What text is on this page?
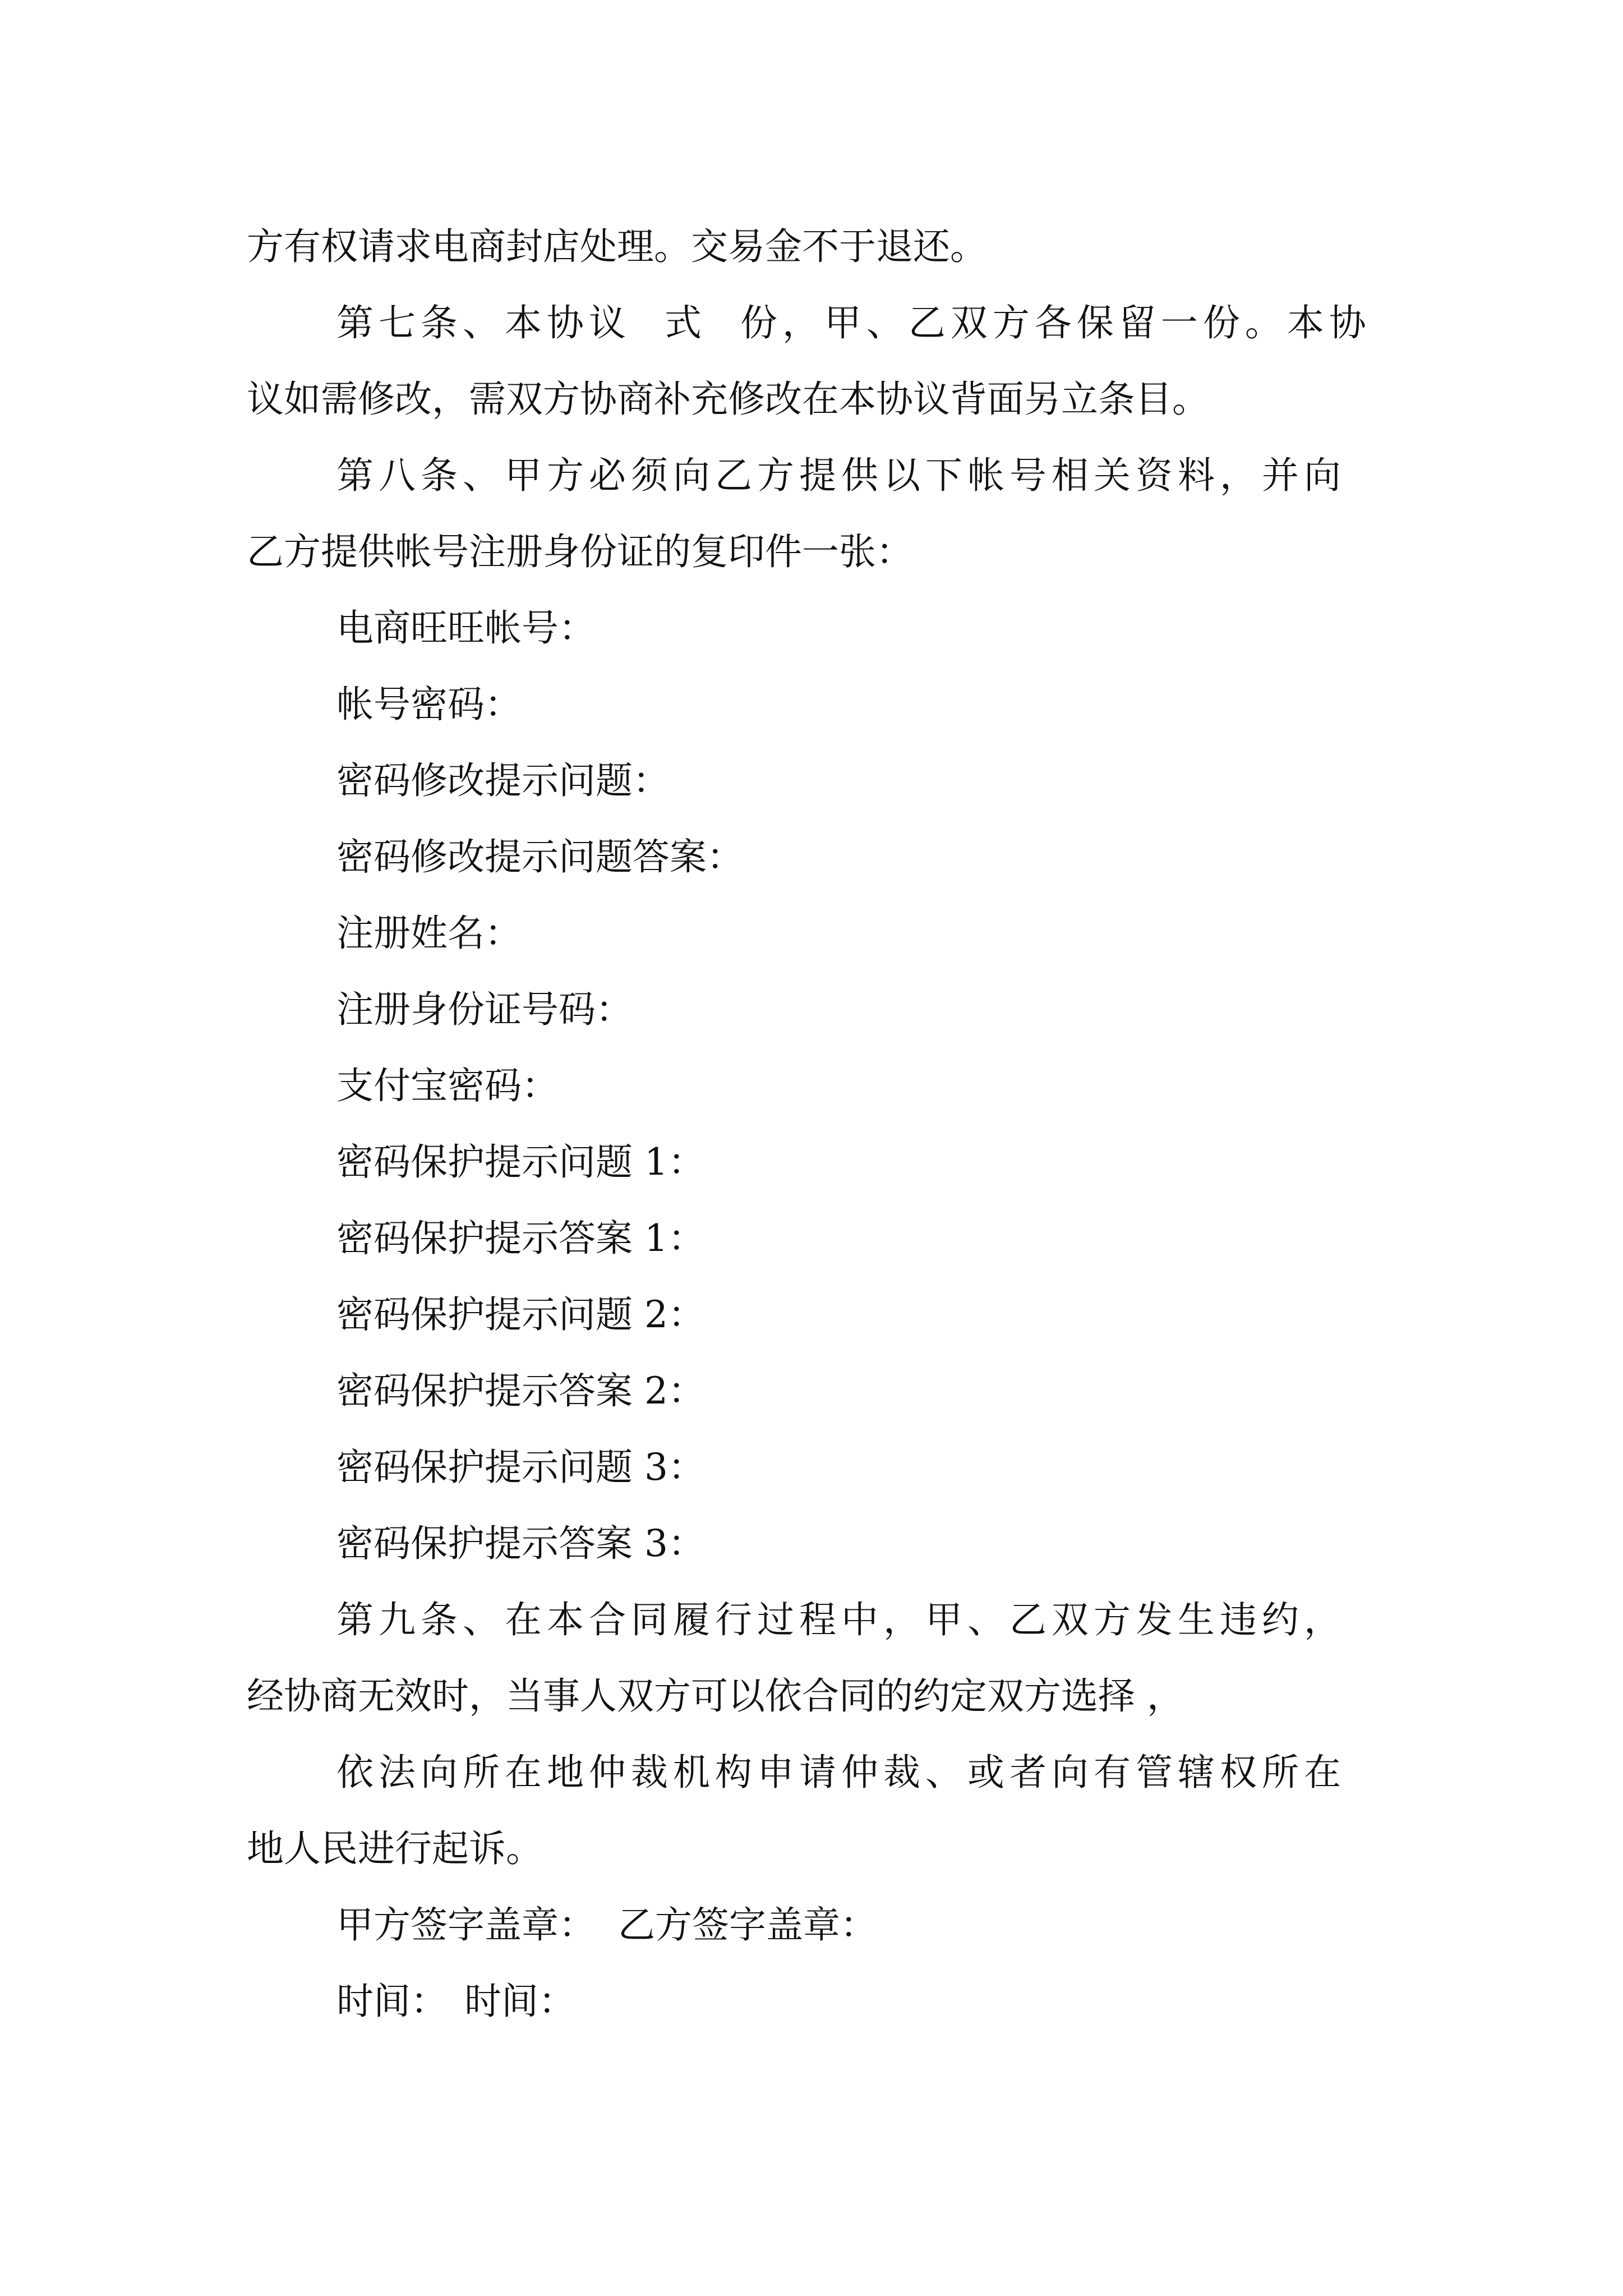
方有权请求电商封店处理。交易金不于退还。
第七条、本协议  式  份，甲、乙双方各保留一份。本协
议如需修改，需双方协商补充修改在本协议背面另立条目。
第八条、甲方必须向乙方提供以下帐号相关资料，并向
乙方提供帐号注册身份证的复印件一张：
电商旺旺帐号：
帐号密码：
密码修改提示问题：
密码修改提示问题答案：
注册姓名：
注册身份证号码：
支付宝密码：
密码保护提示问题 1：
密码保护提示答案 1：
密码保护提示问题 2：
密码保护提示答案 2：
密码保护提示问题 3：
密码保护提示答案 3：
第九条、在本合同履行过程中，甲、乙双方发生违约，
经协商无效时，当事人双方可以依合同的约定双方选择 ，
依法向所在地仲裁机构申请仲裁、或者向有管辖权所在
地人民进行起诉。
甲方签字盖章： 乙方签字盖章：
时间： 时间：
